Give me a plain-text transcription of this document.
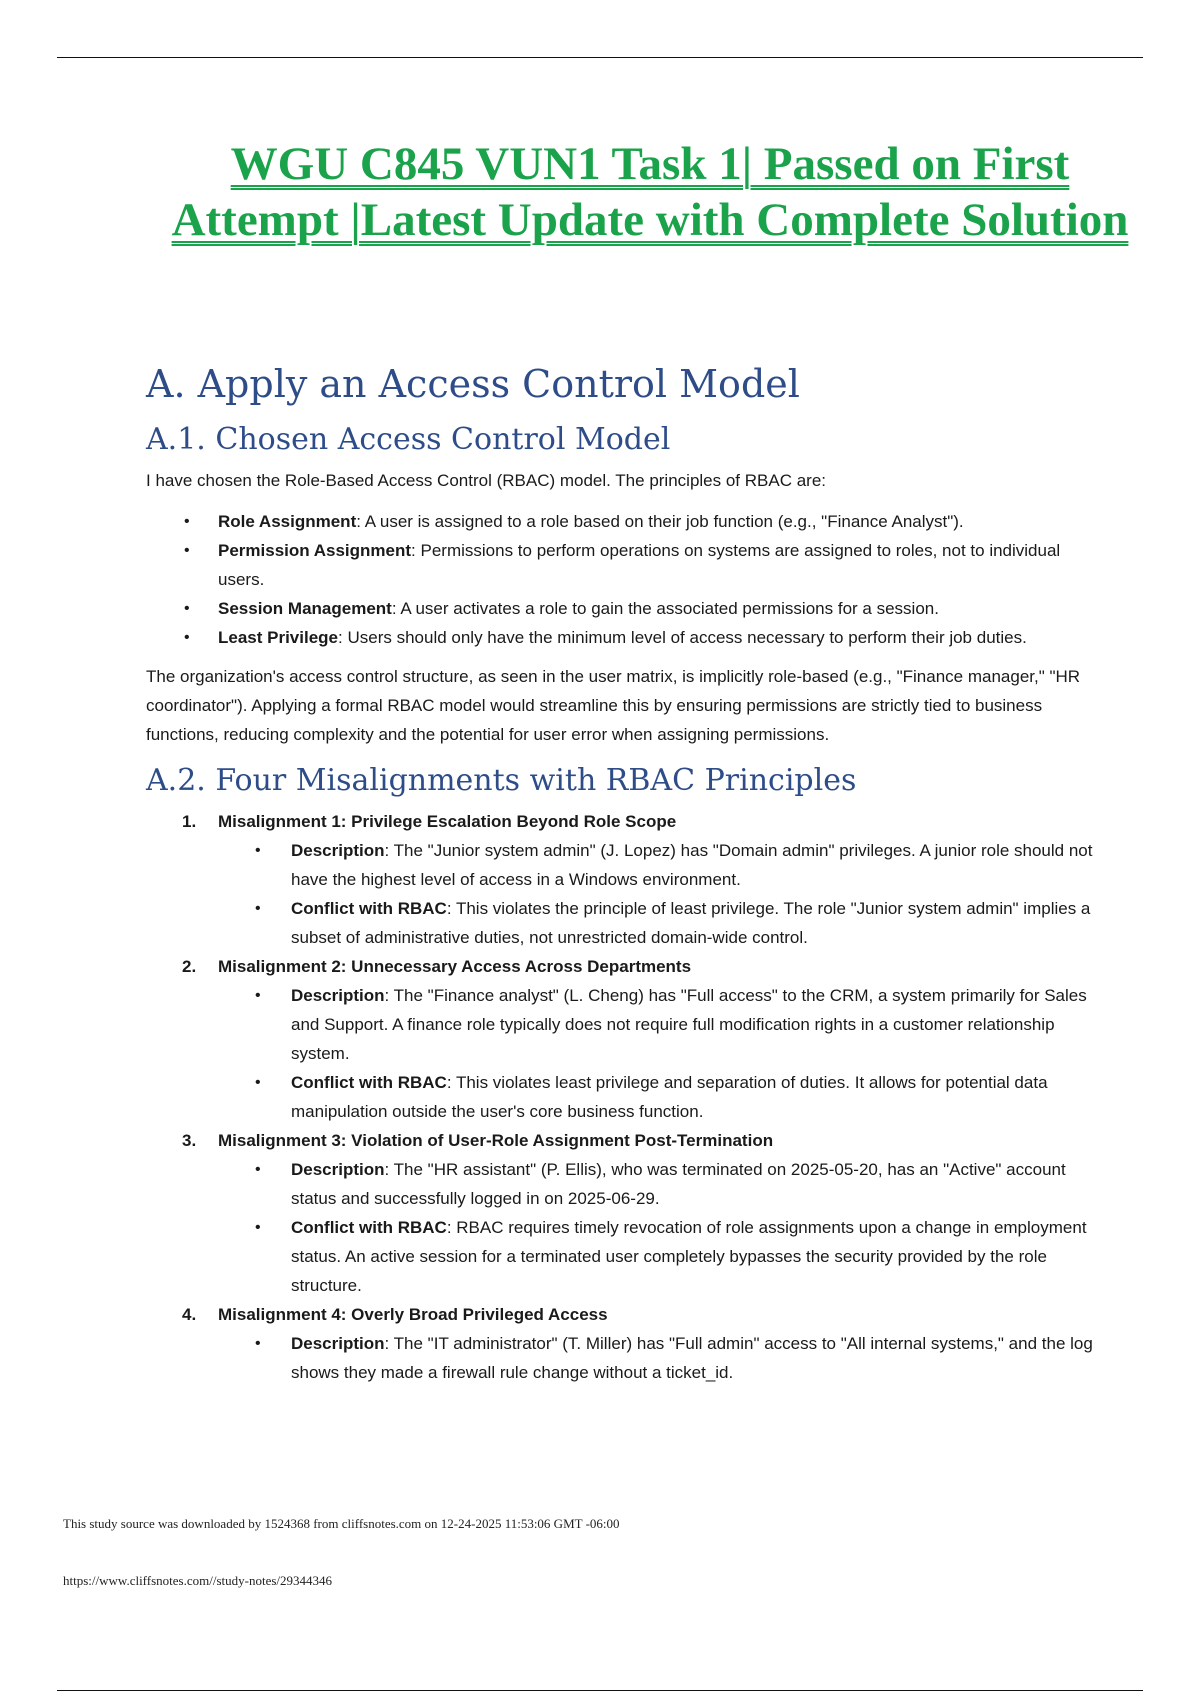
WGU C845 VUN1 Task 1| Passed on First
Attempt |Latest Update with Complete Solution
A. Apply an Access Control Model
A.1. Chosen Access Control Model

I have chosen the Role-Based Access Control (RBAC) model. The principles of RBAC are:

• Role Assignment: A user is assigned to a role based on their job function (e.g., "Finance Analyst").
• Permission Assignment: Permissions to perform operations on systems are assigned to roles, not to individual users.
• Session Management: A user activates a role to gain the associated permissions for a session.
• Least Privilege: Users should only have the minimum level of access necessary to perform their job duties.

The organization's access control structure, as seen in the user matrix, is implicitly role-based (e.g., "Finance manager," "HR coordinator"). Applying a formal RBAC model would streamline this by ensuring permissions are strictly tied to business functions, reducing complexity and the potential for user error when assigning permissions.

A.2. Four Misalignments with RBAC Principles
1. Misalignment 1: Privilege Escalation Beyond Role Scope
• Description: The "Junior system admin" (J. Lopez) has "Domain admin" privileges. A junior role should not have the highest level of access in a Windows environment.
• Conflict with RBAC: This violates the principle of least privilege. The role "Junior system admin" implies a subset of administrative duties, not unrestricted domain-wide control.
2. Misalignment 2: Unnecessary Access Across Departments
• Description: The "Finance analyst" (L. Cheng) has "Full access" to the CRM, a system primarily for Sales and Support. A finance role typically does not require full modification rights in a customer relationship system.
• Conflict with RBAC: This violates least privilege and separation of duties. It allows for potential data manipulation outside the user's core business function.
3. Misalignment 3: Violation of User-Role Assignment Post-Termination
• Description: The "HR assistant" (P. Ellis), who was terminated on 2025-05-20, has an "Active" account status and successfully logged in on 2025-06-29.
• Conflict with RBAC: RBAC requires timely revocation of role assignments upon a change in employment status. An active session for a terminated user completely bypasses the security provided by the role structure.
4. Misalignment 4: Overly Broad Privileged Access
• Description: The "IT administrator" (T. Miller) has "Full admin" access to "All internal systems," and the log shows they made a firewall rule change without a ticket_id.
This study source was downloaded by 1524368 from cliffsnotes.com on 12-24-2025 11:53:06 GMT -06:00
https://www.cliffsnotes.com//study-notes/29344346
